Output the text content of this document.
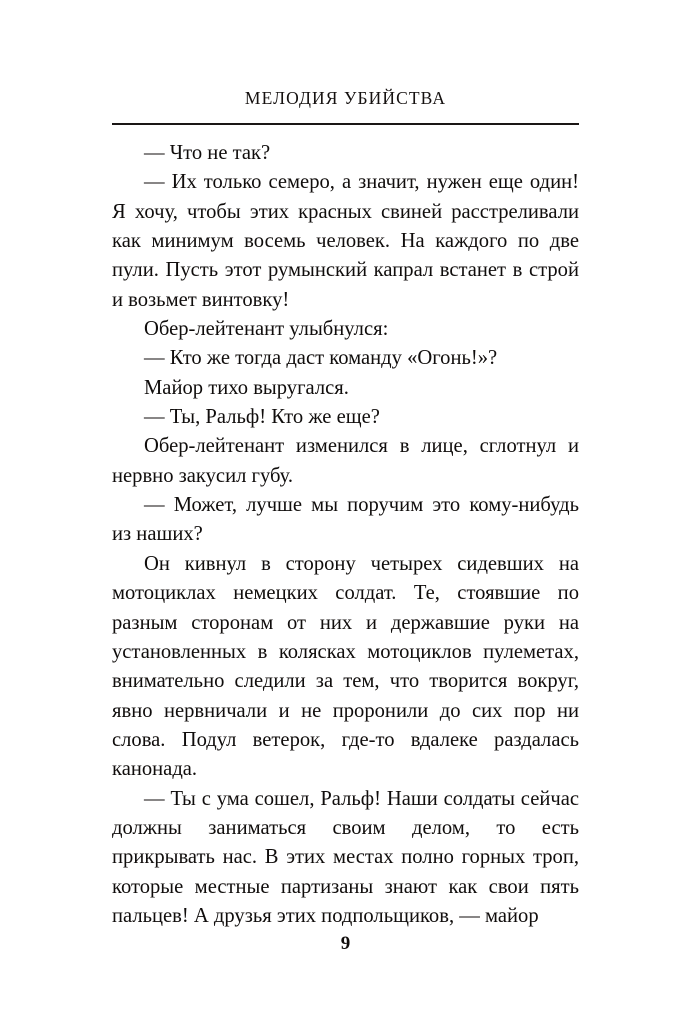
МЕЛОДИЯ УБИЙСТВА

— Что не так?

— Их только семеро, а значит, нужен еще один! Я хочу, чтобы этих красных свиней расстреливали как минимум восемь человек. На каждого по две пули. Пусть этот румынский капрал встанет в строй и возьмет винтовку!

Обер-лейтенант улыбнулся:

— Кто же тогда даст команду «Огонь!»?

Майор тихо выругался.

— Ты, Ральф! Кто же еще?

Обер-лейтенант изменился в лице, сглотнул и нервно закусил губу.

— Может, лучше мы поручим это кому-нибудь из наших?

Он кивнул в сторону четырех сидевших на мотоциклах немецких солдат. Те, стоявшие по разным сторонам от них и державшие руки на установленных в колясках мотоциклов пулеметах, внимательно следили за тем, что творится вокруг, явно нервничали и не проронили до сих пор ни слова. Подул ветерок, где-то вдалеке раздалась канонада.

— Ты с ума сошел, Ральф! Наши солдаты сейчас должны заниматься своим делом, то есть прикрывать нас. В этих местах полно горных троп, которые местные партизаны знают как свои пять пальцев! А друзья этих подпольщиков, — майор

9
